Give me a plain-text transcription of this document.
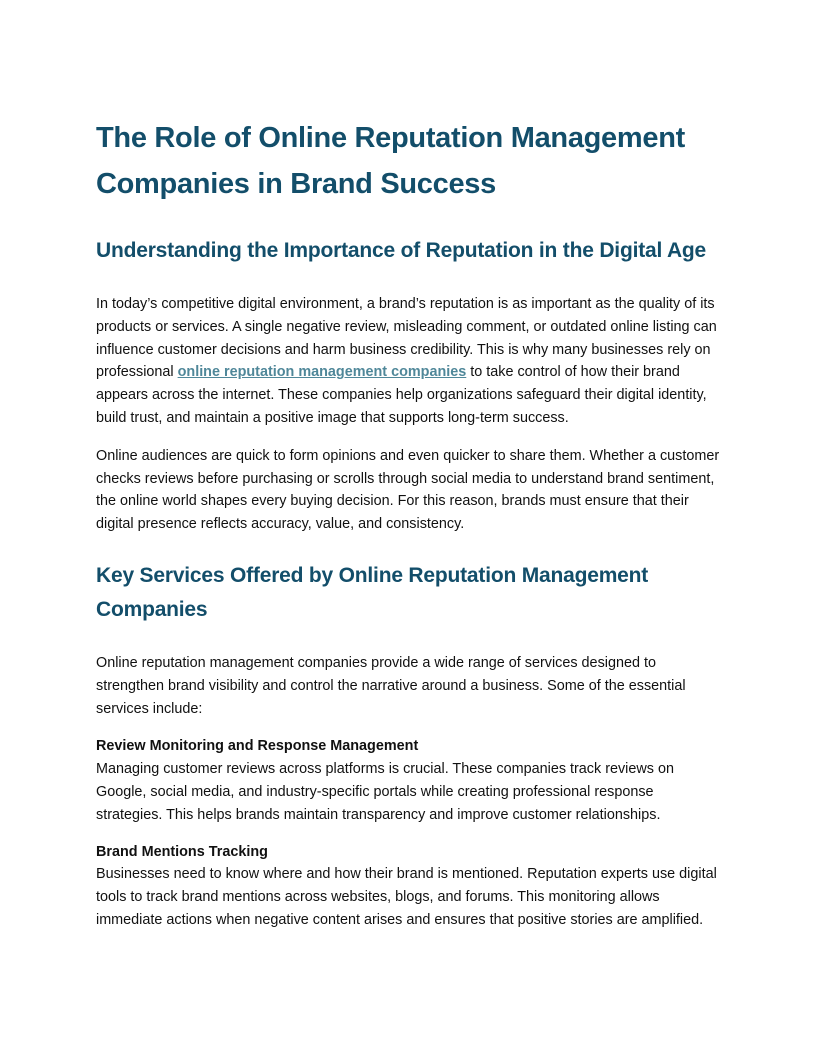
The Role of Online Reputation Management Companies in Brand Success
Understanding the Importance of Reputation in the Digital Age

In today’s competitive digital environment, a brand’s reputation is as important as the quality of its products or services. A single negative review, misleading comment, or outdated online listing can influence customer decisions and harm business credibility. This is why many businesses rely on professional online reputation management companies to take control of how their brand appears across the internet. These companies help organizations safeguard their digital identity, build trust, and maintain a positive image that supports long-term success.

Online audiences are quick to form opinions and even quicker to share them. Whether a customer checks reviews before purchasing or scrolls through social media to understand brand sentiment, the online world shapes every buying decision. For this reason, brands must ensure that their digital presence reflects accuracy, value, and consistency.

Key Services Offered by Online Reputation Management Companies

Online reputation management companies provide a wide range of services designed to strengthen brand visibility and control the narrative around a business. Some of the essential services include:

Review Monitoring and Response Management
Managing customer reviews across platforms is crucial. These companies track reviews on Google, social media, and industry-specific portals while creating professional response strategies. This helps brands maintain transparency and improve customer relationships.

Brand Mentions Tracking
Businesses need to know where and how their brand is mentioned. Reputation experts use digital tools to track brand mentions across websites, blogs, and forums. This monitoring allows immediate actions when negative content arises and ensures that positive stories are amplified.
